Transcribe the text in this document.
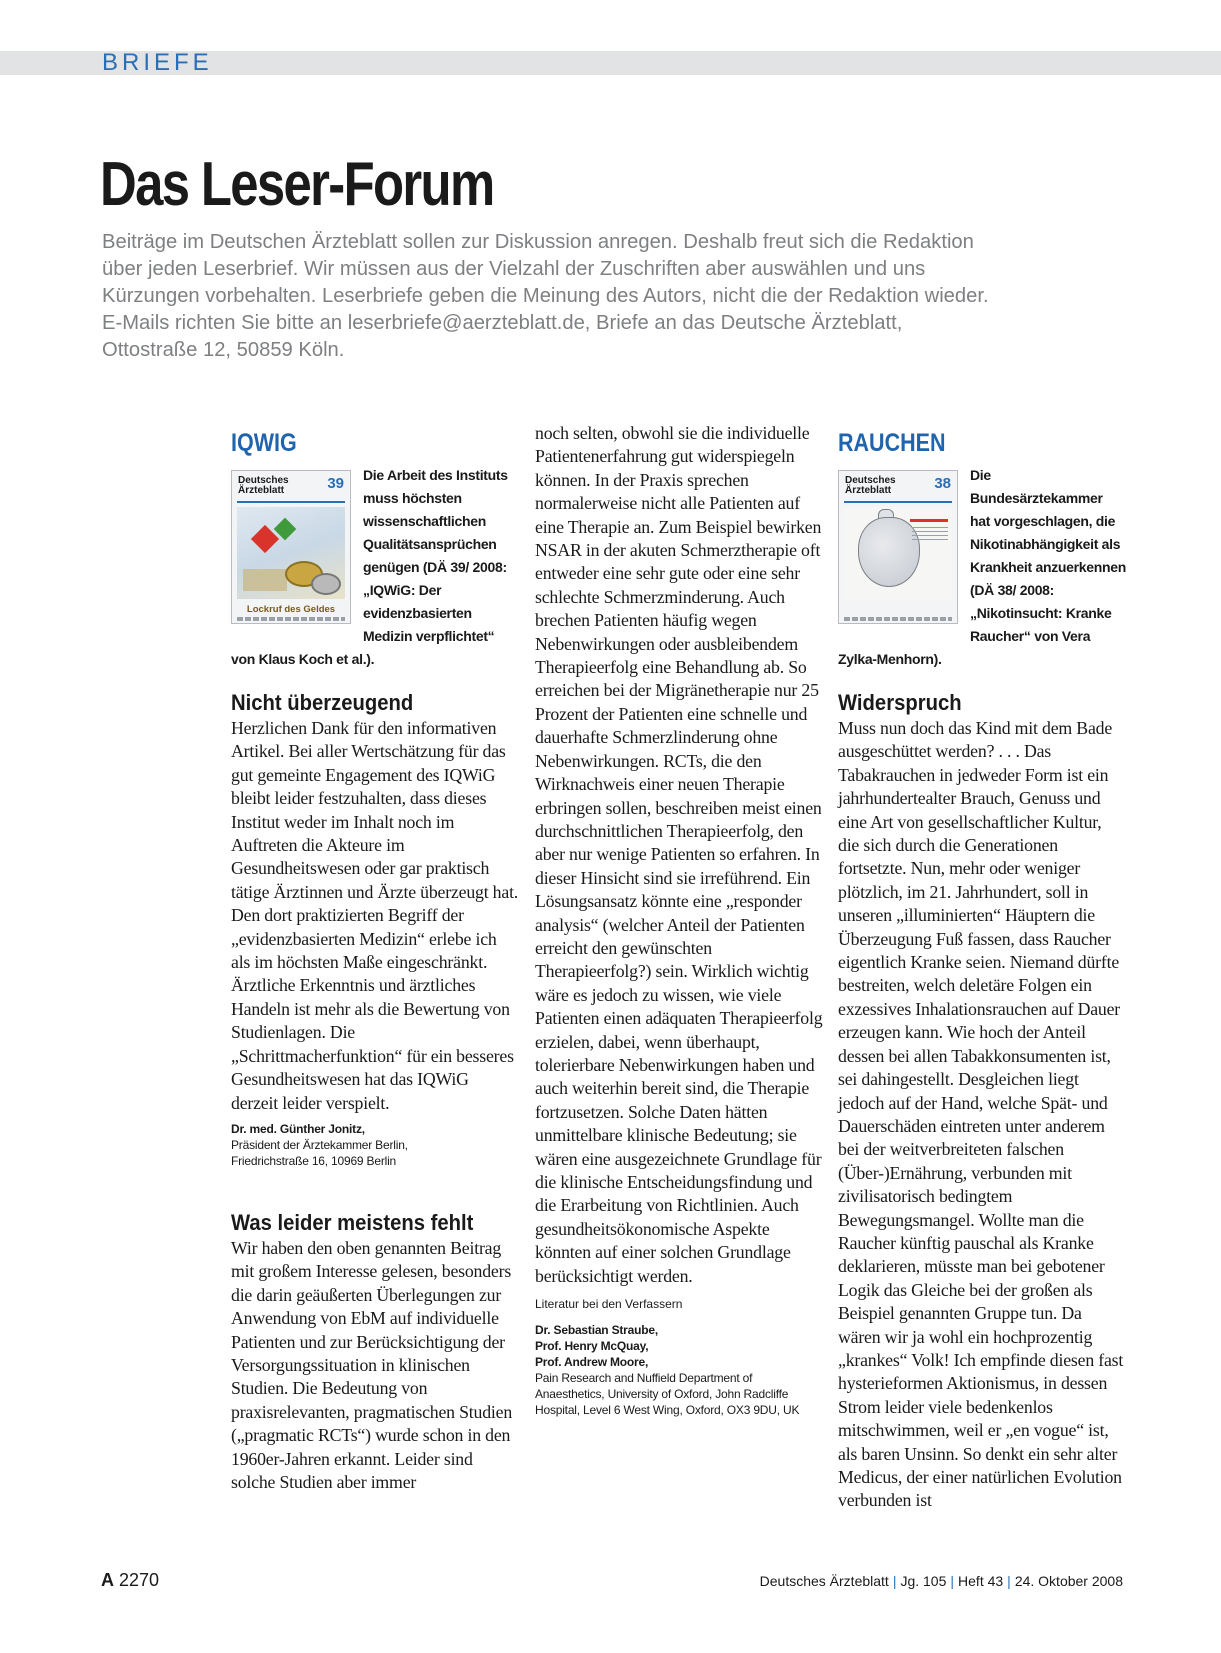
BRIEFE
Das Leser-Forum

Beiträge im Deutschen Ärzteblatt sollen zur Diskussion anregen. Deshalb freut sich die Redaktion über jeden Leserbrief. Wir müssen aus der Vielzahl der Zuschriften aber auswählen und uns Kürzungen vorbehalten. Leserbriefe geben die Meinung des Autors, nicht die der Redaktion wieder. E-Mails richten Sie bitte an leserbriefe@aerzteblatt.de, Briefe an das Deutsche Ärzteblatt, Ottostraße 12, 50859 Köln.

IQWIG
Deutsches
Ärzteblatt	39
Lockruf des Geldes

Die Arbeit des Instituts muss höchsten wissenschaftlichen Qualitätsansprüchen genügen (DÄ 39/ 2008: „IQWiG: Der evidenzbasierten Medizin verpflichtet“ von Klaus Koch et al.).

Nicht überzeugend

Herzlichen Dank für den informativen Artikel. Bei aller Wertschätzung für das gut gemeinte Engagement des IQWiG bleibt leider festzuhalten, dass dieses Institut weder im Inhalt noch im Auftreten die Akteure im Gesundheitswesen oder gar praktisch tätige Ärztinnen und Ärzte überzeugt hat. Den dort praktizierten Begriff der „evidenzbasierten Medizin“ erlebe ich als im höchsten Maße eingeschränkt. Ärztliche Erkenntnis und ärztliches Handeln ist mehr als die Bewertung von Studienlagen. Die „Schrittmacherfunktion“ für ein besseres Gesundheitswesen hat das IQWiG derzeit leider verspielt.

Dr. med. Günther Jonitz,

Präsident der Ärztekammer Berlin,
Friedrichstraße 16, 10969 Berlin

Was leider meistens fehlt

Wir haben den oben genannten Beitrag mit großem Interesse gelesen, besonders die darin geäußerten Überlegungen zur Anwendung von EbM auf individuelle Patienten und zur Berücksichtigung der Versorgungssituation in klinischen Studien. Die Bedeutung von praxisrelevanten, pragmatischen Studien („pragmatic RCTs“) wurde schon in den 1960er-Jahren erkannt. Leider sind solche Studien aber immer

noch selten, obwohl sie die individuelle Patientenerfahrung gut widerspiegeln können. In der Praxis sprechen normalerweise nicht alle Patienten auf eine Therapie an. Zum Beispiel bewirken NSAR in der akuten Schmerztherapie oft entweder eine sehr gute oder eine sehr schlechte Schmerzminderung. Auch brechen Patienten häufig wegen Nebenwirkungen oder ausbleibendem Therapieerfolg eine Behandlung ab. So erreichen bei der Migränetherapie nur 25 Prozent der Patienten eine schnelle und dauerhafte Schmerzlinderung ohne Nebenwirkungen. RCTs, die den Wirknachweis einer neuen Therapie erbringen sollen, beschreiben meist einen durchschnittlichen Therapieerfolg, den aber nur wenige Patienten so erfahren. In dieser Hinsicht sind sie irreführend. Ein Lösungsansatz könnte eine „responder analysis“ (welcher Anteil der Patienten erreicht den gewünschten Therapieerfolg?) sein. Wirklich wichtig wäre es jedoch zu wissen, wie viele Patienten einen adäquaten Therapieerfolg erzielen, dabei, wenn überhaupt, tolerierbare Nebenwirkungen haben und auch weiterhin bereit sind, die Therapie fortzusetzen. Solche Daten hätten unmittelbare klinische Bedeutung; sie wären eine ausgezeichnete Grundlage für die klinische Entscheidungsfindung und die Erarbeitung von Richtlinien. Auch gesundheitsökonomische Aspekte könnten auf einer solchen Grundlage berücksichtigt werden.

Literatur bei den Verfassern

Dr. Sebastian Straube,
Prof. Henry McQuay,
Prof. Andrew Moore,

Pain Research and Nuffield Department of Anaesthetics, University of Oxford, John Radcliffe Hospital, Level 6 West Wing, Oxford, OX3 9DU, UK

RAUCHEN
Deutsches
Ärzteblatt	38	Die Bundesärztekammer hat vorgeschlagen, die Nikotinabhängigkeit als Krankheit anzuerkennen (DÄ 38/ 2008: „Nikotinsucht: Kranke Raucher“ von Vera Zylka-Menhorn).

Widerspruch

Muss nun doch das Kind mit dem Bade ausgeschüttet werden? . . . Das Tabakrauchen in jedweder Form ist ein jahrhundertealter Brauch, Genuss und eine Art von gesellschaftlicher Kultur, die sich durch die Generationen fortsetzte. Nun, mehr oder weniger plötzlich, im 21. Jahrhundert, soll in unseren „illuminierten“ Häuptern die Überzeugung Fuß fassen, dass Raucher eigentlich Kranke seien. Niemand dürfte bestreiten, welch deletäre Folgen ein exzessives Inhalationsrauchen auf Dauer erzeugen kann. Wie hoch der Anteil dessen bei allen Tabakkonsumenten ist, sei dahingestellt. Desgleichen liegt jedoch auf der Hand, welche Spät- und Dauerschäden eintreten unter anderem bei der weitverbreiteten falschen (Über-)Ernährung, verbunden mit zivilisatorisch bedingtem Bewegungsmangel. Wollte man die Raucher künftig pauschal als Kranke deklarieren, müsste man bei gebotener Logik das Gleiche bei der großen als Beispiel genannten Gruppe tun. Da wären wir ja wohl ein hochprozentig „krankes“ Volk! Ich empfinde diesen fast hysterieformen Aktionismus, in dessen Strom leider viele bedenkenlos mitschwimmen, weil er „en vogue“ ist, als baren Unsinn. So denkt ein sehr alter Medicus, der einer natürlichen Evolution verbunden ist

A 2270	Deutsches Ärzteblatt | Jg. 105 | Heft 43 | 24. Oktober 2008
